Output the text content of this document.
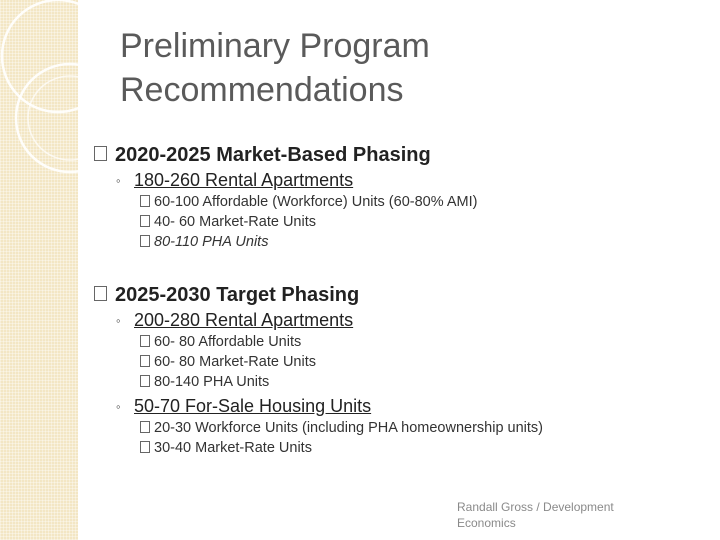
Preliminary Program
Recommendations
2020-2025 Market-Based Phasing
◦ 180-260 Rental Apartments
60-100 Affordable (Workforce) Units (60-80% AMI)
40- 60 Market-Rate Units
80-110 PHA Units
2025-2030 Target Phasing
◦ 200-280 Rental Apartments
60- 80 Affordable Units
60- 80 Market-Rate Units
80-140 PHA Units
◦ 50-70 For-Sale Housing Units
20-30 Workforce Units (including PHA homeownership units)
30-40 Market-Rate Units
Randall Gross / Development
Economics
